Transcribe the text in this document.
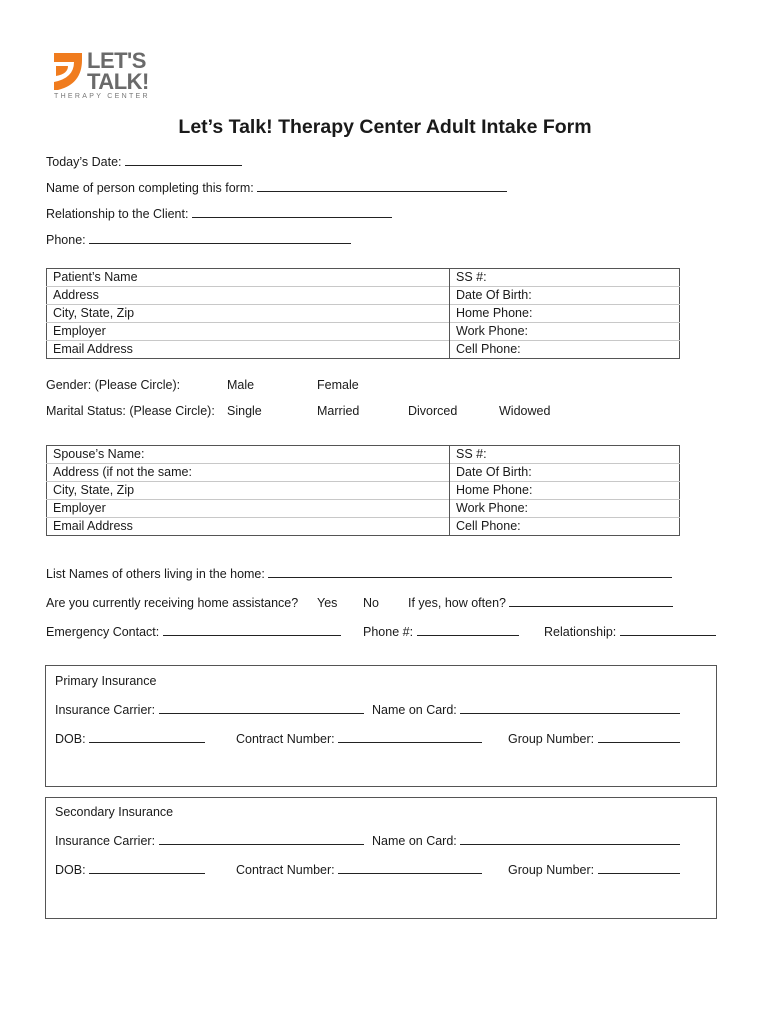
LET'S
TALK!
THERAPY CENTER
Let’s Talk! Therapy Center Adult Intake Form
Today’s Date:
Name of person completing this form:
Relationship to the Client:
Phone:
Patient’s Name	SS #:
Address	Date Of Birth:
City, State, Zip	Home Phone:
Employer	Work Phone:
Email Address	Cell Phone:
Gender: (Please Circle):	Male	Female
Marital Status: (Please Circle): Single	Married	Divorced	Widowed
Spouse’s Name:	SS #:
Address (if not the same:	Date Of Birth:
City, State, Zip	Home Phone:
Employer	Work Phone:
Email Address	Cell Phone:
List Names of others living in the home:
Are you currently receiving home assistance? Yes No If yes, how often?
Emergency Contact:	Phone #:	Relationship:
Primary Insurance
Insurance Carrier:	Name on Card:
DOB:	Contract Number:	Group Number:
Secondary Insurance
Insurance Carrier:	Name on Card:
DOB:	Contract Number:	Group Number:
